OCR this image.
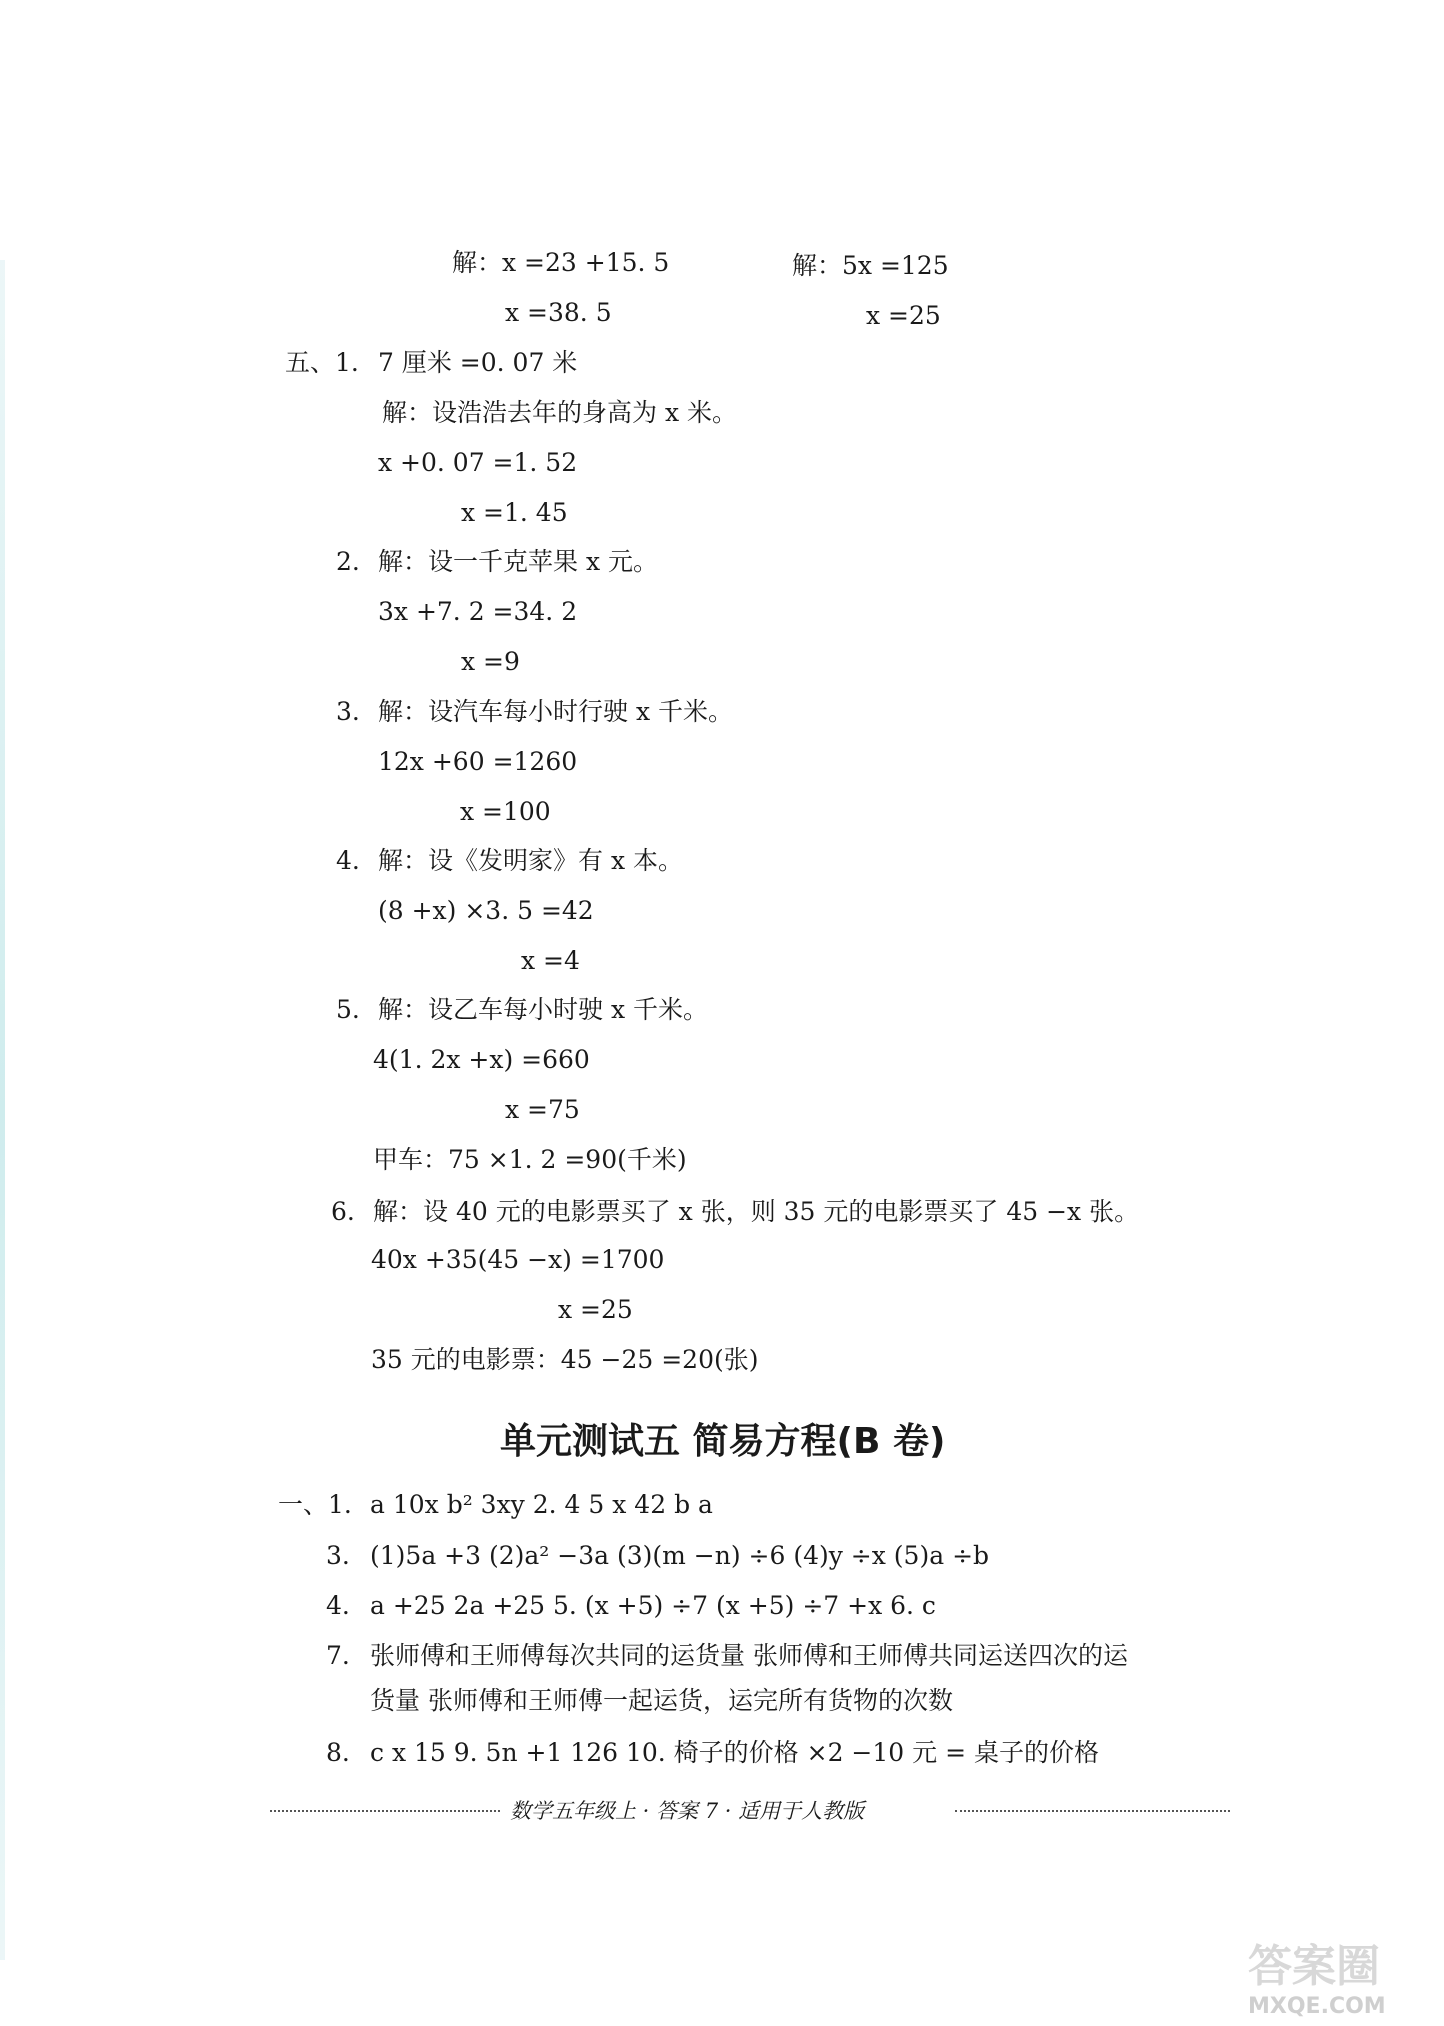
解：x =23 +15. 5	解：5x =125
x =38. 5	x =25
五、1. 7 厘米 =0. 07 米
解：设浩浩去年的身高为 x 米。
x +0. 07 =1. 52
x =1. 45
2. 解：设一千克苹果 x 元。
3x +7. 2 =34. 2
x =9
3. 解：设汽车每小时行驶 x 千米。
12x +60 =1260
x =100
4. 解：设《发明家》有 x 本。
(8 +x) ×3. 5 =42
x =4
5. 解：设乙车每小时驶 x 千米。
4(1. 2x +x) =660
x =75
甲车：75 ×1. 2 =90(千米)
6. 解：设 40 元的电影票买了 x 张，则 35 元的电影票买了 45 −x 张。
40x +35(45 −x) =1700
x =25
35 元的电影票：45 −25 =20(张)
单元测试五 简易方程(B 卷)
一、1. a 10x b² 3xy 2. 4 5 x 42 b a
3. (1)5a +3 (2)a² −3a (3)(m −n) ÷6 (4)y ÷x (5)a ÷b
4. a +25 2a +25 5. (x +5) ÷7 (x +5) ÷7 +x 6. c
7. 张师傅和王师傅每次共同的运货量 张师傅和王师傅共同运送四次的运
货量 张师傅和王师傅一起运货，运完所有货物的次数
8. c x 15 9. 5n +1 126 10. 椅子的价格 ×2 −10 元 = 桌子的价格
数学五年级上 · 答案 7 · 适用于人教版
答案圈
MXQE.COM
